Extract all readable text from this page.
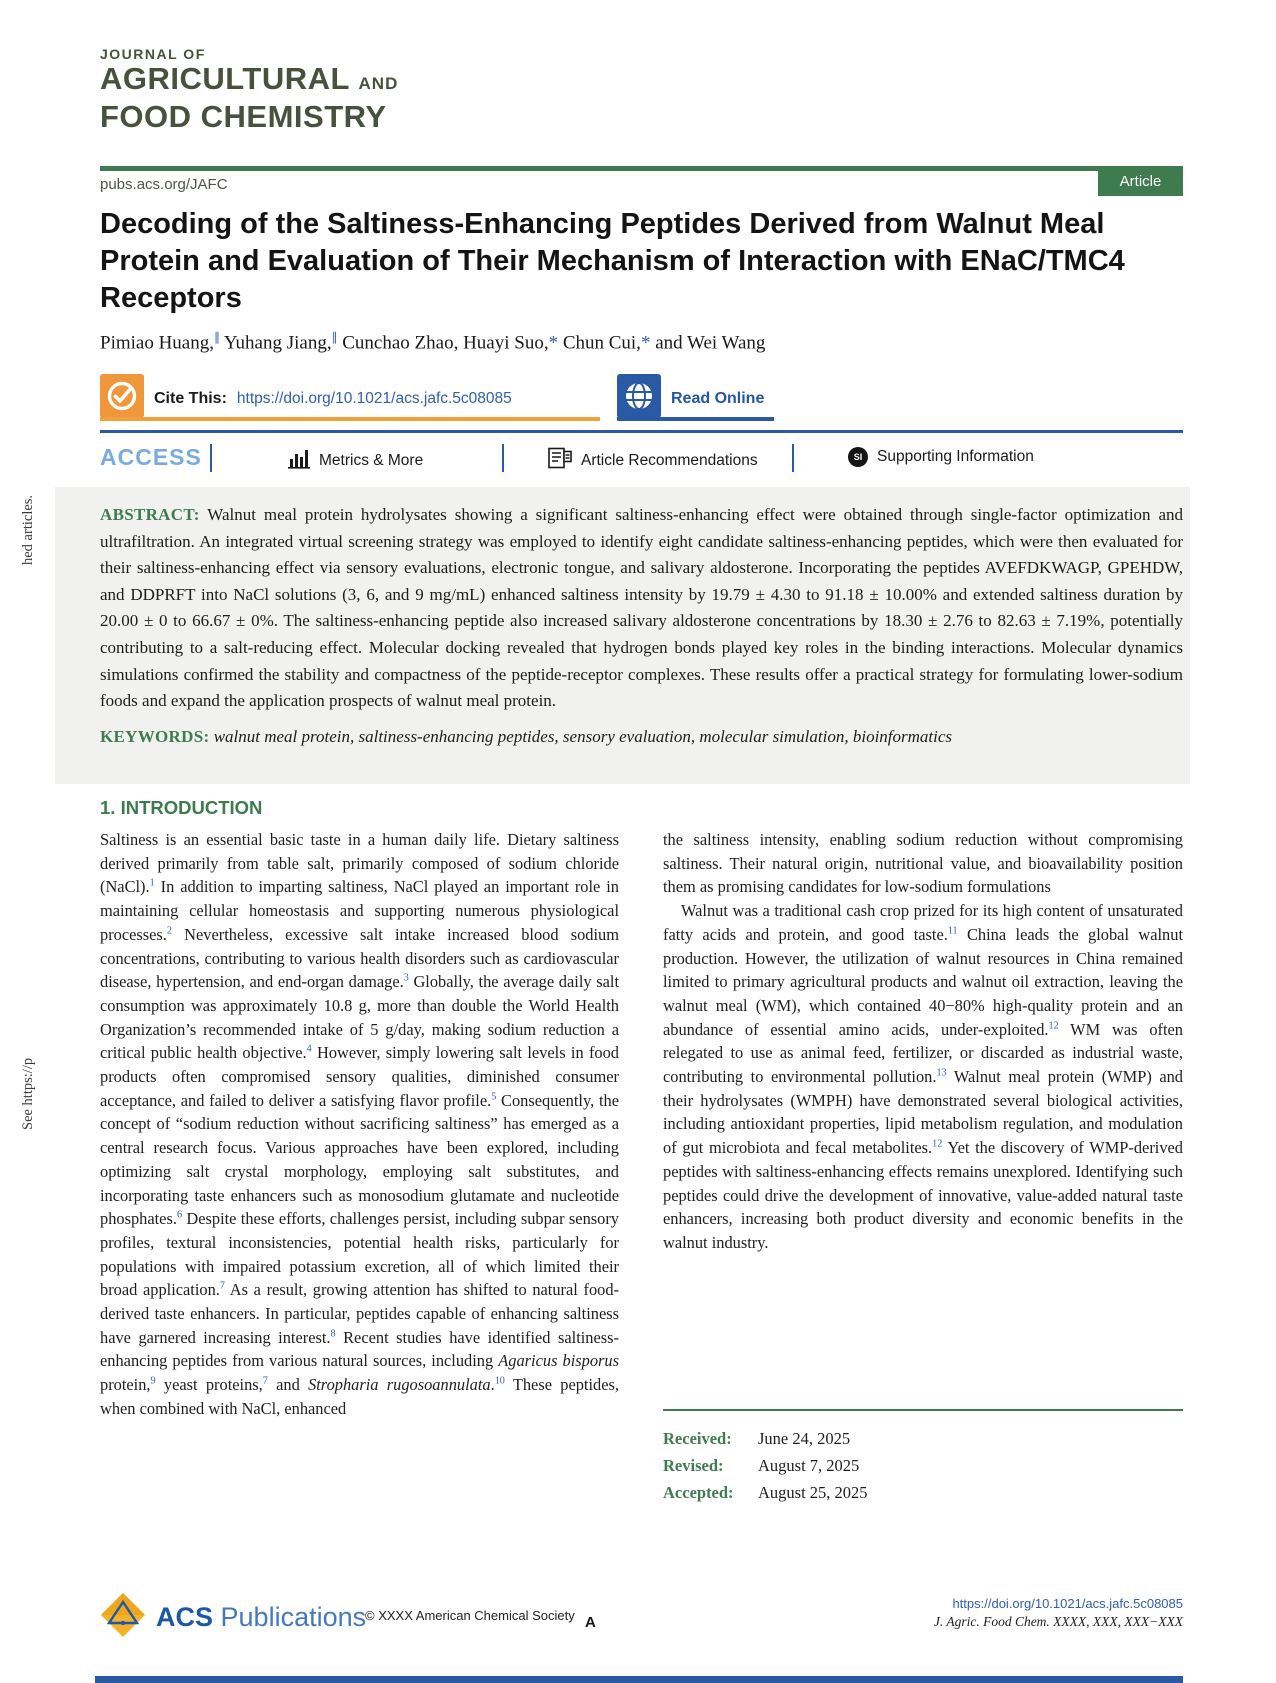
hed articles.
See https://p
JOURNAL OF
AGRICULTURAL AND
FOOD CHEMISTRY
pubs.acs.org/JAFC	Article
Decoding of the Saltiness-Enhancing Peptides Derived from Walnut Meal Protein and Evaluation of Their Mechanism of Interaction with ENaC/TMC4 Receptors
Pimiao Huang,∥ Yuhang Jiang,∥ Cunchao Zhao, Huayi Suo,* Chun Cui,* and Wei Wang
Cite This: https://doi.org/10.1021/acs.jafc.5c08085	Read Online
ACCESS	Metrics & More	Article Recommendations	SI Supporting Information

ABSTRACT: Walnut meal protein hydrolysates showing a significant saltiness-enhancing effect were obtained through single-factor optimization and ultrafiltration. An integrated virtual screening strategy was employed to identify eight candidate saltiness-enhancing peptides, which were then evaluated for their saltiness-enhancing effect via sensory evaluations, electronic tongue, and salivary aldosterone. Incorporating the peptides AVEFDKWAGP, GPEHDW, and DDPRFT into NaCl solutions (3, 6, and 9 mg/mL) enhanced saltiness intensity by 19.79 ± 4.30 to 91.18 ± 10.00% and extended saltiness duration by 20.00 ± 0 to 66.67 ± 0%. The saltiness-enhancing peptide also increased salivary aldosterone concentrations by 18.30 ± 2.76 to 82.63 ± 7.19%, potentially contributing to a salt-reducing effect. Molecular docking revealed that hydrogen bonds played key roles in the binding interactions. Molecular dynamics simulations confirmed the stability and compactness of the peptide-receptor complexes. These results offer a practical strategy for formulating lower-sodium foods and expand the application prospects of walnut meal protein.

KEYWORDS: walnut meal protein, saltiness-enhancing peptides, sensory evaluation, molecular simulation, bioinformatics

1. INTRODUCTION

Saltiness is an essential basic taste in a human daily life. Dietary saltiness derived primarily from table salt, primarily composed of sodium chloride (NaCl).$^1$ In addition to imparting saltiness, NaCl played an important role in maintaining cellular homeostasis and supporting numerous physiological processes.$^2$ Nevertheless, excessive salt intake increased blood sodium concentrations, contributing to various health disorders such as cardiovascular disease, hypertension, and end-organ damage.$^3$ Globally, the average daily salt consumption was approximately 10.8 g, more than double the World Health Organization’s recommended intake of 5 g/day, making sodium reduction a critical public health objective.$^4$ However, simply lowering salt levels in food products often compromised sensory qualities, diminished consumer acceptance, and failed to deliver a satisfying flavor profile.$^5$ Consequently, the concept of “sodium reduction without sacrificing saltiness” has emerged as a central research focus. Various approaches have been explored, including optimizing salt crystal morphology, employing salt substitutes, and incorporating taste enhancers such as monosodium glutamate and nucleotide phosphates.$^6$ Despite these efforts, challenges persist, including subpar sensory profiles, textural inconsistencies, potential health risks, particularly for populations with impaired potassium excretion, all of which limited their broad application.$^7$ As a result, growing attention has shifted to natural food-derived taste enhancers. In particular, peptides capable of enhancing saltiness have garnered increasing interest.$^8$ Recent studies have identified saltiness-enhancing peptides from various natural sources, including Agaricus bisporus protein,$^9$ yeast proteins,$^7$ and Stropharia rugosoannulata.$^{10}$ These peptides, when combined with NaCl, enhanced

the saltiness intensity, enabling sodium reduction without compromising saltiness. Their natural origin, nutritional value, and bioavailability position them as promising candidates for low-sodium formulations

Walnut was a traditional cash crop prized for its high content of unsaturated fatty acids and protein, and good taste.$^{11}$ China leads the global walnut production. However, the utilization of walnut resources in China remained limited to primary agricultural products and walnut oil extraction, leaving the walnut meal (WM), which contained 40−80% high-quality protein and an abundance of essential amino acids, under-exploited.$^{12}$ WM was often relegated to use as animal feed, fertilizer, or discarded as industrial waste, contributing to environmental pollution.$^{13}$ Walnut meal protein (WMP) and their hydrolysates (WMPH) have demonstrated several biological activities, including antioxidant properties, lipid metabolism regulation, and modulation of gut microbiota and fecal metabolites.$^{12}$ Yet the discovery of WMP-derived peptides with saltiness-enhancing effects remains unexplored. Identifying such peptides could drive the development of innovative, value-added natural taste enhancers, increasing both product diversity and economic benefits in the walnut industry.

Received:	June 24, 2025
Revised:	August 7, 2025
Accepted:	August 25, 2025
ACS Publications
© XXXX American Chemical Society A
https://doi.org/10.1021/acs.jafc.5c08085
J. Agric. Food Chem. XXXX, XXX, XXX−XXX
